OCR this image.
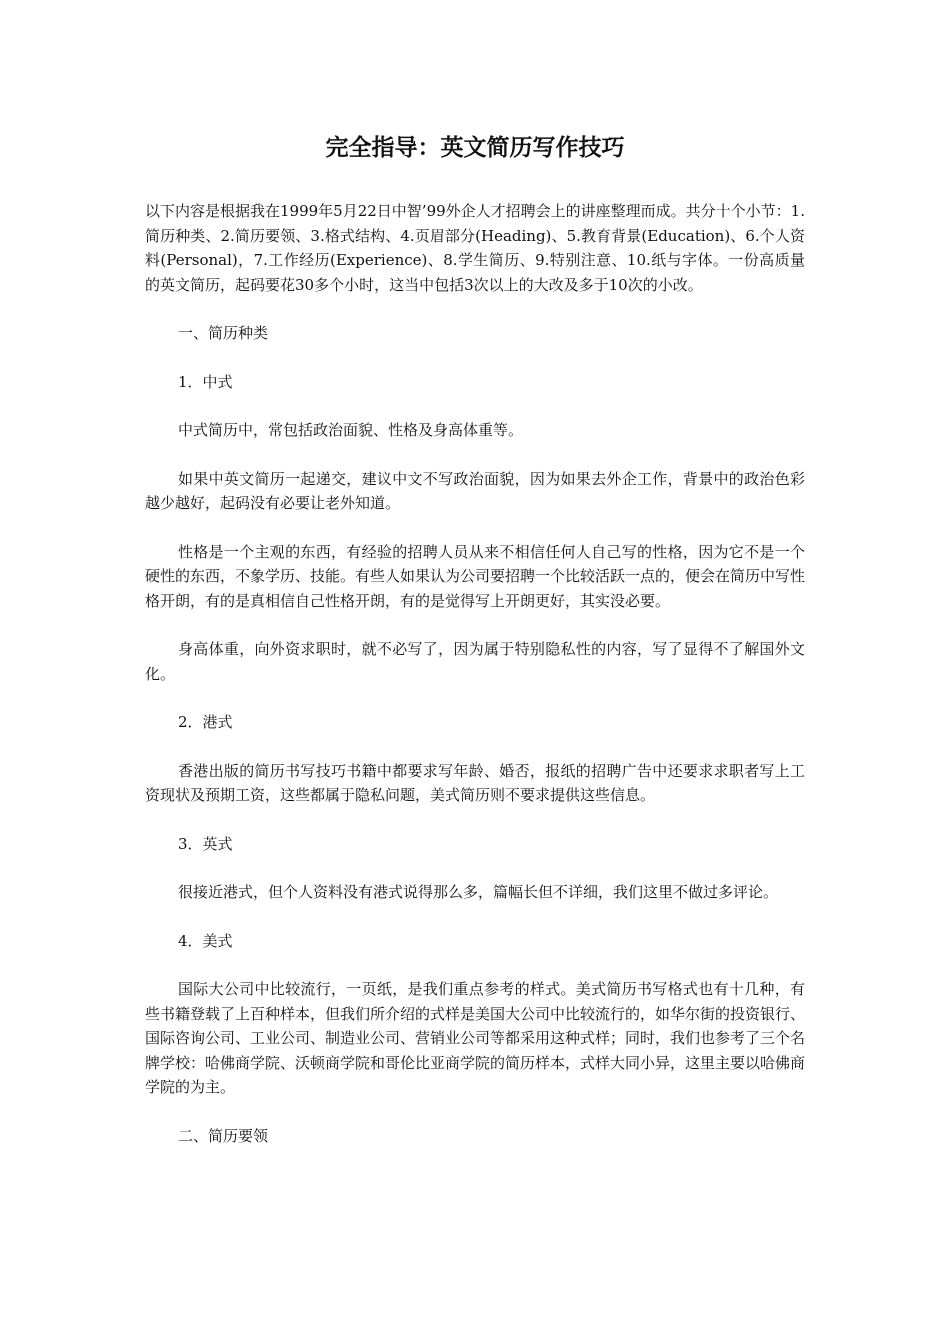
完全指导：英文简历写作技巧

以下内容是根据我在1999年5月22日中智’99外企人才招聘会上的讲座整理而成。共分十个小节：1.简历种类、2.简历要领、3.格式结构、4.页眉部分(Heading)、5.教育背景(Education)、6.个人资料(Personal)，7.工作经历(Experience)、8.学生简历、9.特别注意、10.纸与字体。一份高质量的英文简历，起码要花30多个小时，这当中包括3次以上的大改及多于10次的小改。

一、简历种类

1．中式

中式简历中，常包括政治面貌、性格及身高体重等。

如果中英文简历一起递交，建议中文不写政治面貌，因为如果去外企工作，背景中的政治色彩越少越好，起码没有必要让老外知道。

性格是一个主观的东西，有经验的招聘人员从来不相信任何人自己写的性格，因为它不是一个硬性的东西，不象学历、技能。有些人如果认为公司要招聘一个比较活跃一点的，便会在简历中写性格开朗，有的是真相信自己性格开朗，有的是觉得写上开朗更好，其实没必要。

身高体重，向外资求职时，就不必写了，因为属于特别隐私性的内容，写了显得不了解国外文化。

2．港式

香港出版的简历书写技巧书籍中都要求写年龄、婚否，报纸的招聘广告中还要求求职者写上工资现状及预期工资，这些都属于隐私问题，美式简历则不要求提供这些信息。

3．英式

很接近港式，但个人资料没有港式说得那么多，篇幅长但不详细，我们这里不做过多评论。

4．美式

国际大公司中比较流行，一页纸，是我们重点参考的样式。美式简历书写格式也有十几种，有些书籍登载了上百种样本，但我们所介绍的式样是美国大公司中比较流行的，如华尔街的投资银行、国际咨询公司、工业公司、制造业公司、营销业公司等都采用这种式样；同时，我们也参考了三个名牌学校：哈佛商学院、沃顿商学院和哥伦比亚商学院的简历样本，式样大同小异，这里主要以哈佛商学院的为主。

二、简历要领
